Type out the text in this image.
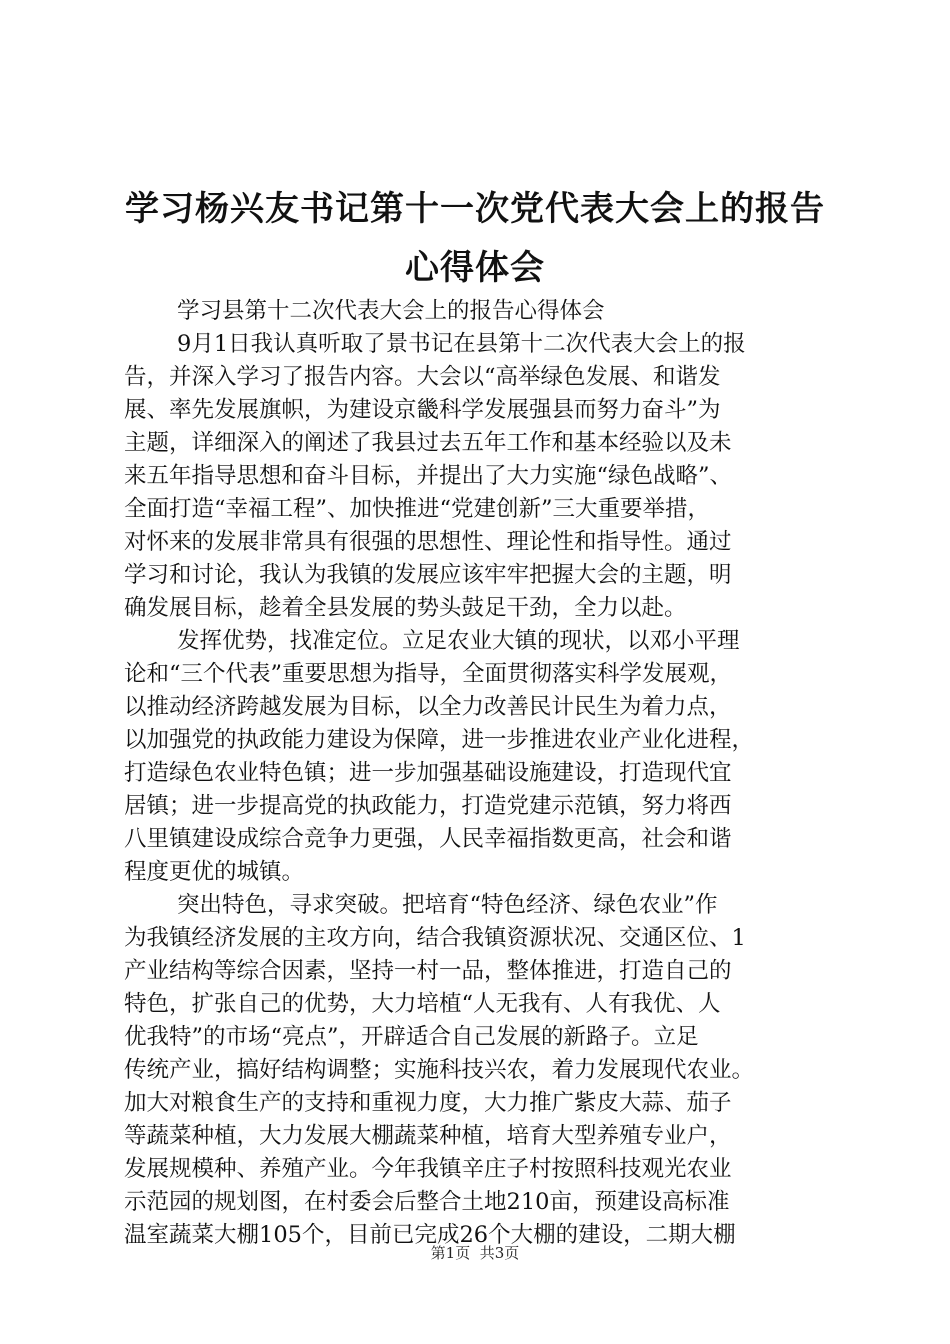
学习杨兴友书记第十一次党代表大会上的报告
心得体会
学习县第十二次代表大会上的报告心得体会
9月1日我认真听取了景书记在县第十二次代表大会上的报
告，并深入学习了报告内容。大会以“高举绿色发展、和谐发
展、率先发展旗帜，为建设京畿科学发展强县而努力奋斗”为
主题，详细深入的阐述了我县过去五年工作和基本经验以及未
来五年指导思想和奋斗目标，并提出了大力实施“绿色战略”、
全面打造“幸福工程”、加快推进“党建创新”三大重要举措，
对怀来的发展非常具有很强的思想性、理论性和指导性。通过
学习和讨论，我认为我镇的发展应该牢牢把握大会的主题，明
确发展目标，趁着全县发展的势头鼓足干劲，全力以赴。
发挥优势，找准定位。立足农业大镇的现状，以邓小平理
论和“三个代表”重要思想为指导，全面贯彻落实科学发展观，
以推动经济跨越发展为目标，以全力改善民计民生为着力点，
以加强党的执政能力建设为保障，进一步推进农业产业化进程，
打造绿色农业特色镇；进一步加强基础设施建设，打造现代宜
居镇；进一步提高党的执政能力，打造党建示范镇，努力将西
八里镇建设成综合竞争力更强，人民幸福指数更高，社会和谐
程度更优的城镇。
突出特色，寻求突破。把培育“特色经济、绿色农业”作
为我镇经济发展的主攻方向，结合我镇资源状况、交通区位、1
产业结构等综合因素，坚持一村一品，整体推进，打造自己的
特色，扩张自己的优势，大力培植“人无我有、人有我优、人
优我特”的市场“亮点”，开辟适合自己发展的新路子。立足
传统产业，搞好结构调整；实施科技兴农，着力发展现代农业。
加大对粮食生产的支持和重视力度，大力推广紫皮大蒜、茄子
等蔬菜种植，大力发展大棚蔬菜种植，培育大型养殖专业户，
发展规模种、养殖产业。今年我镇辛庄子村按照科技观光农业
示范园的规划图，在村委会后整合土地210亩，预建设高标准
温室蔬菜大棚105个，目前已完成26个大棚的建设，二期大棚
第1页 共3页
